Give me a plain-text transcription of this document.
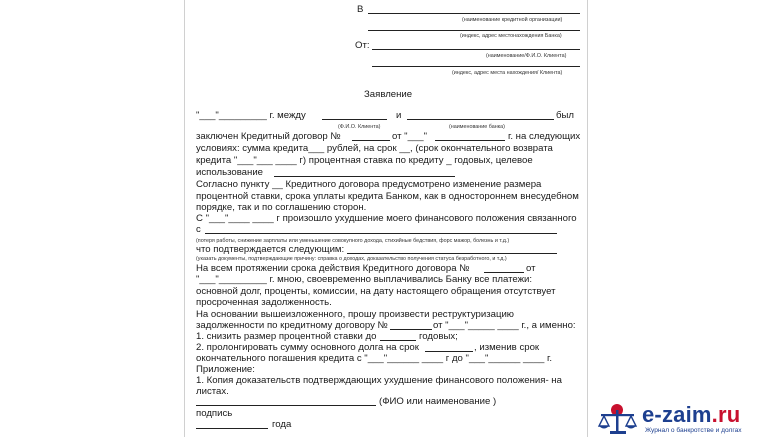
В
(наименование кредитной организации)
(индекс, адрес местонахождения Банка)
От:
(наименование/Ф.И.О. Клиента)
(индекс, адрес места нахождения/ Клиента)
Заявление
"___"_________ г. между	и	был
(Ф.И.О. Клиента)	(наименование банка)
заключен Кредитный договор №	от "___"	г. на следующих
условиях: сумма кредита___ рублей, на срок __, (срок окончательного возврата
кредита "___"___ ____ г) процентная ставка по кредиту _ годовых, целевое
использование
Согласно пункту __ Кредитного договора предусмотрено изменение размера
процентной ставки, срока уплаты кредита Банком, как в одностороннем внесудебном
порядке, так и по соглашению сторон.
С "___"____ ____ г произошло ухудшение моего финансового положения связанного
с
(потеря работы, снижение зарплаты или уменьшение совокупного дохода, стихийные бедствия, форс мажор, болезнь и т.д.)
что подтверждается следующим:
(указать документы, подтверждающие причину: справка о доходах, доказательство получения статуса безработного, и т.д.)
На всем протяжении срока действия Кредитного договора №	от
"___"_________ г. мною, своевременно выплачивались Банку все платежи:
основной долг, проценты, комиссии, на дату настоящего обращения отсутствует
просроченная задолженность.
На основании вышеизложенного, прошу произвести реструктуризацию
задолженности по кредитному договору №	от "___"_____ ____ г., а именно:
1. снизить размер процентной ставки до	годовых;
2. пролонгировать сумму основного долга на срок	, изменив срок
окончательного погашения кредита с "___"______ ____ г до "___"______ ____ г.
Приложение:
1. Копия доказательств подтверждающих ухудшение финансового положения- на
листах.
(ФИО или наименование )
подпись
года	e-zaim.ru
Журнал о банкротстве и долгах
